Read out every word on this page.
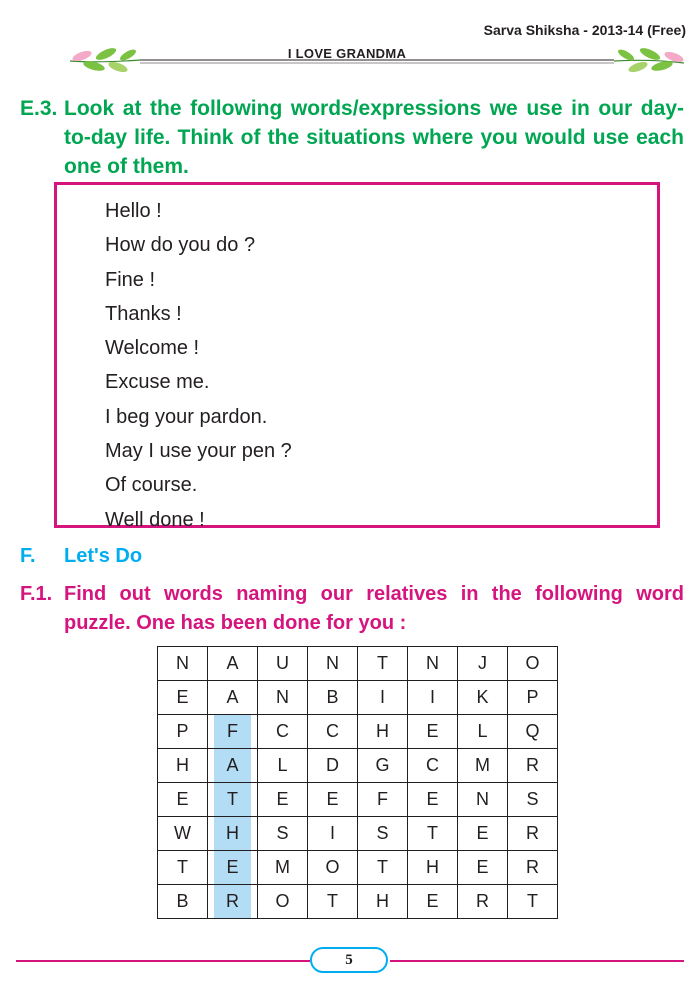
Sarva Shiksha - 2013-14 (Free)
I LOVE GRANDMA
E.3. Look at the following words/expressions we use in our day-to-day life. Think of the situations where you would use each one of them.
Hello !
How do you do ?
Fine !
Thanks !
Welcome !
Excuse me.
I beg your pardon.
May I use your pen ?
Of course.
Well done !
F. Let's Do
F.1. Find out words naming our relatives in the following word puzzle. One has been done for you :
N	A	U	N	T	N	J	O
E	A	N	B	I	I	K	P
P	F	C	C	H	E	L	Q
H	A	L	D	G	C	M	R
E	T	E	E	F	E	N	S
W	H	S	I	S	T	E	R
T	E	M	O	T	H	E	R
B	R	O	T	H	E	R	T
5
